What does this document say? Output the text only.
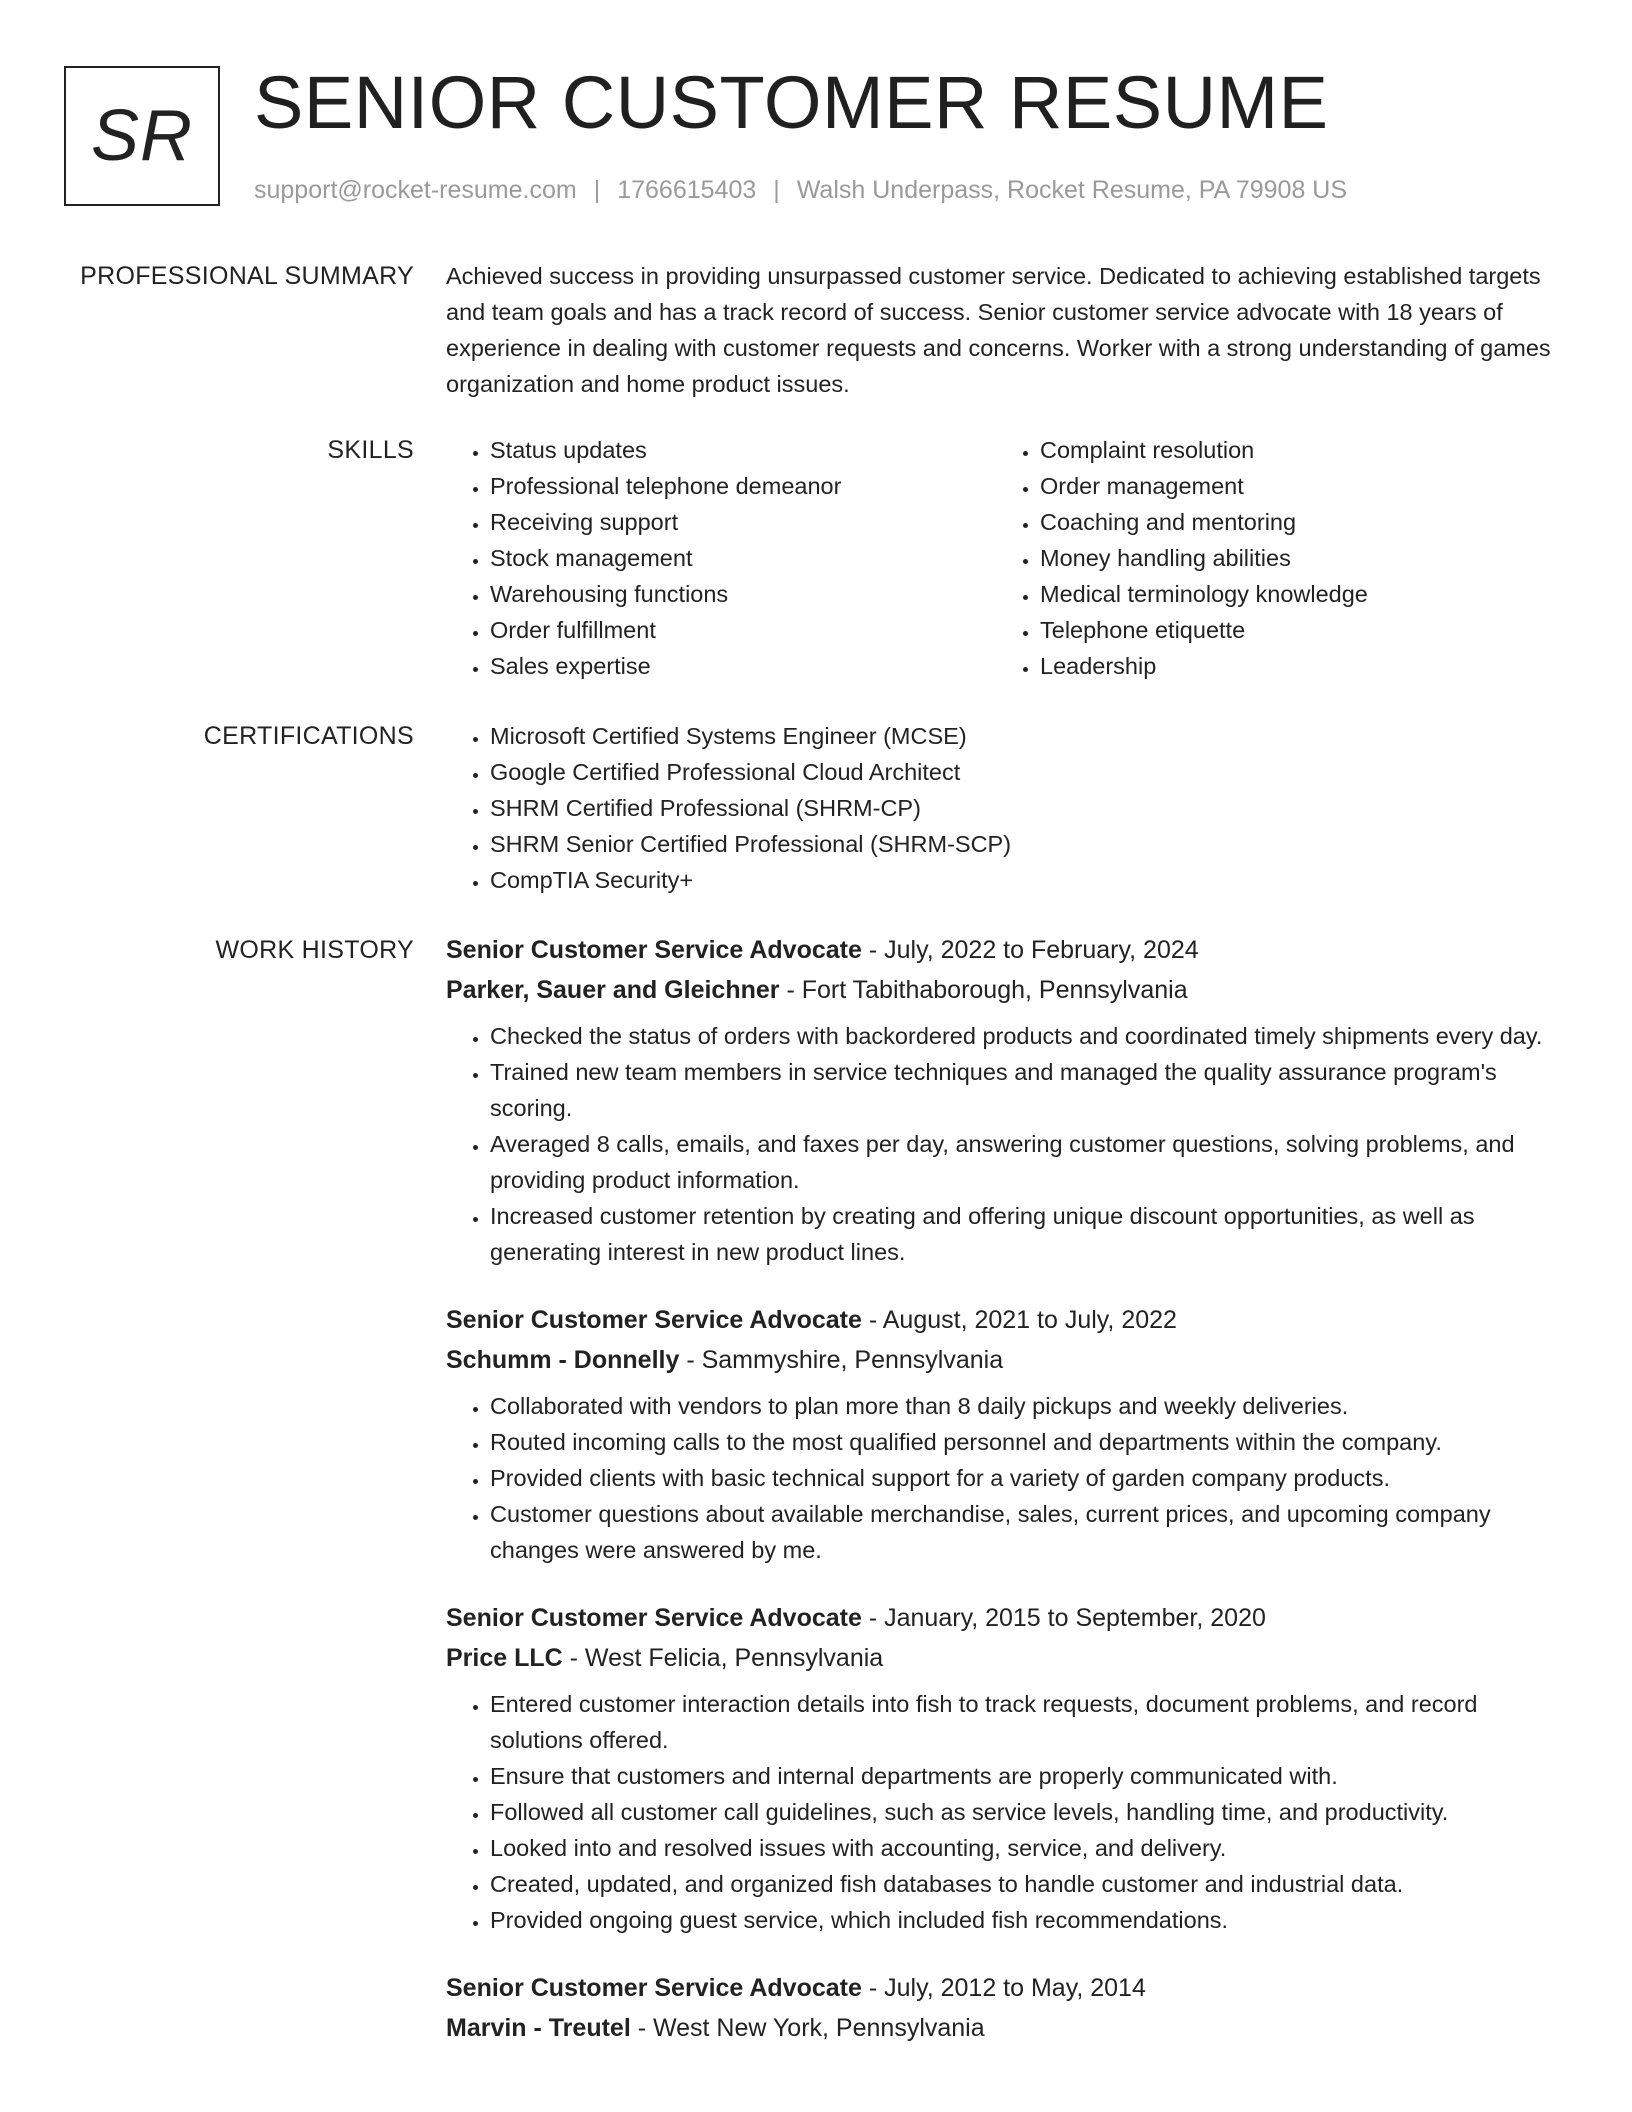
SR SENIOR CUSTOMER RESUME
support@rocket-resume.com | 1766615403 | Walsh Underpass, Rocket Resume, PA 79908 US
PROFESSIONAL SUMMARY Achieved success in providing unsurpassed customer service. Dedicated to achieving established targets and team goals and has a track record of success. Senior customer service advocate with 18 years of experience in dealing with customer requests and concerns. Worker with a strong understanding of games organization and home product issues.

SKILLS	• Status updates
• Professional telephone demeanor
• Receiving support
• Stock management
• Warehousing functions
• Order fulfillment
• Sales expertise
• Complaint resolution
• Order management
• Coaching and mentoring
• Money handling abilities
• Medical terminology knowledge
• Telephone etiquette
• Leadership
CERTIFICATIONS	• Microsoft Certified Systems Engineer (MCSE)
• Google Certified Professional Cloud Architect
• SHRM Certified Professional (SHRM-CP)
• SHRM Senior Certified Professional (SHRM-SCP)
• CompTIA Security+
WORK HISTORY Senior Customer Service Advocate - July, 2022 to February, 2024
Parker, Sauer and Gleichner - Fort Tabithaborough, Pennsylvania
• Checked the status of orders with backordered products and coordinated timely shipments every day.
• Trained new team members in service techniques and managed the quality assurance program's scoring.
• Averaged 8 calls, emails, and faxes per day, answering customer questions, solving problems, and providing product information.
• Increased customer retention by creating and offering unique discount opportunities, as well as generating interest in new product lines.
Senior Customer Service Advocate - August, 2021 to July, 2022
Schumm - Donnelly - Sammyshire, Pennsylvania
• Collaborated with vendors to plan more than 8 daily pickups and weekly deliveries.
• Routed incoming calls to the most qualified personnel and departments within the company.
• Provided clients with basic technical support for a variety of garden company products.
• Customer questions about available merchandise, sales, current prices, and upcoming company changes were answered by me.
Senior Customer Service Advocate - January, 2015 to September, 2020
Price LLC - West Felicia, Pennsylvania
• Entered customer interaction details into fish to track requests, document problems, and record solutions offered.
• Ensure that customers and internal departments are properly communicated with.
• Followed all customer call guidelines, such as service levels, handling time, and productivity.
• Looked into and resolved issues with accounting, service, and delivery.
• Created, updated, and organized fish databases to handle customer and industrial data.
• Provided ongoing guest service, which included fish recommendations.
Senior Customer Service Advocate - July, 2012 to May, 2014
Marvin - Treutel - West New York, Pennsylvania
